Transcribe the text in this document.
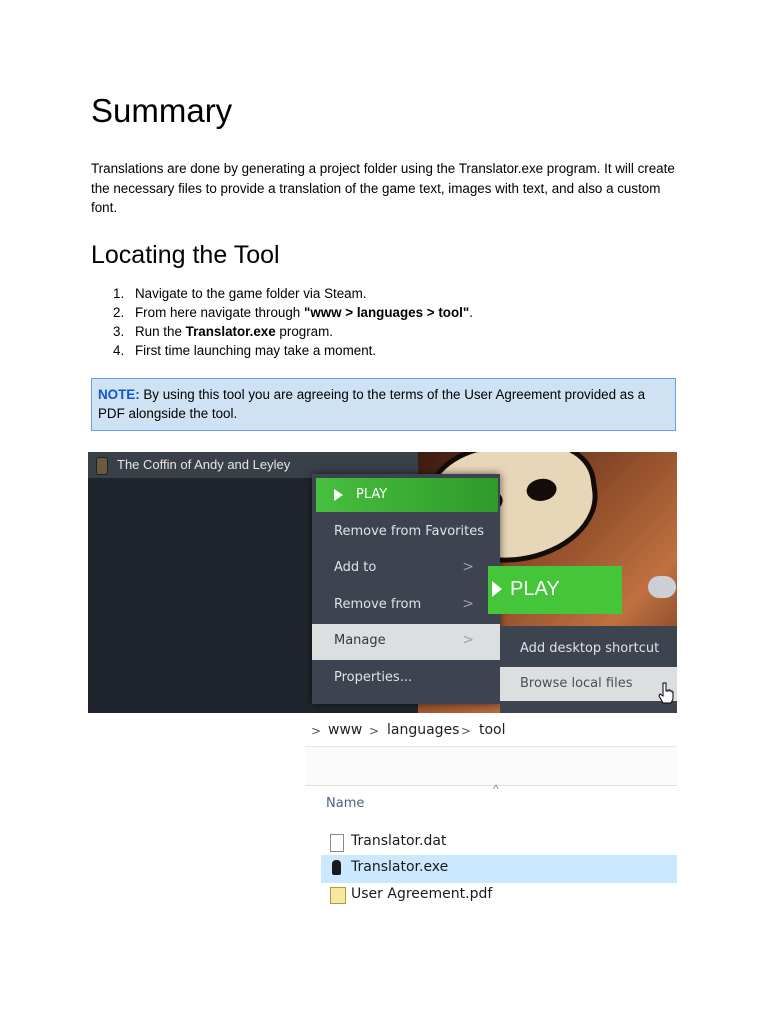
Summary

Translations are done by generating a project folder using the Translator.exe program. It will create the necessary files to provide a translation of the game text, images with text, and also a custom font.

Locating the Tool
1. Navigate to the game folder via Steam.
2. From here navigate through "www > languages > tool".
3. Run the Translator.exe program.
4. First time launching may take a moment.
NOTE: By using this tool you are agreeing to the terms of the User Agreement provided as a PDF alongside the tool.
The Coffin of Andy and Leyley
PLAY
Remove from Favorites
Add to	>
Remove from	>
Manage	>
Properties...
PLAY
Add desktop shortcut
Browse local files
> www > languages > tool
^
Name
Translator.dat
Translator.exe
User Agreement.pdf
